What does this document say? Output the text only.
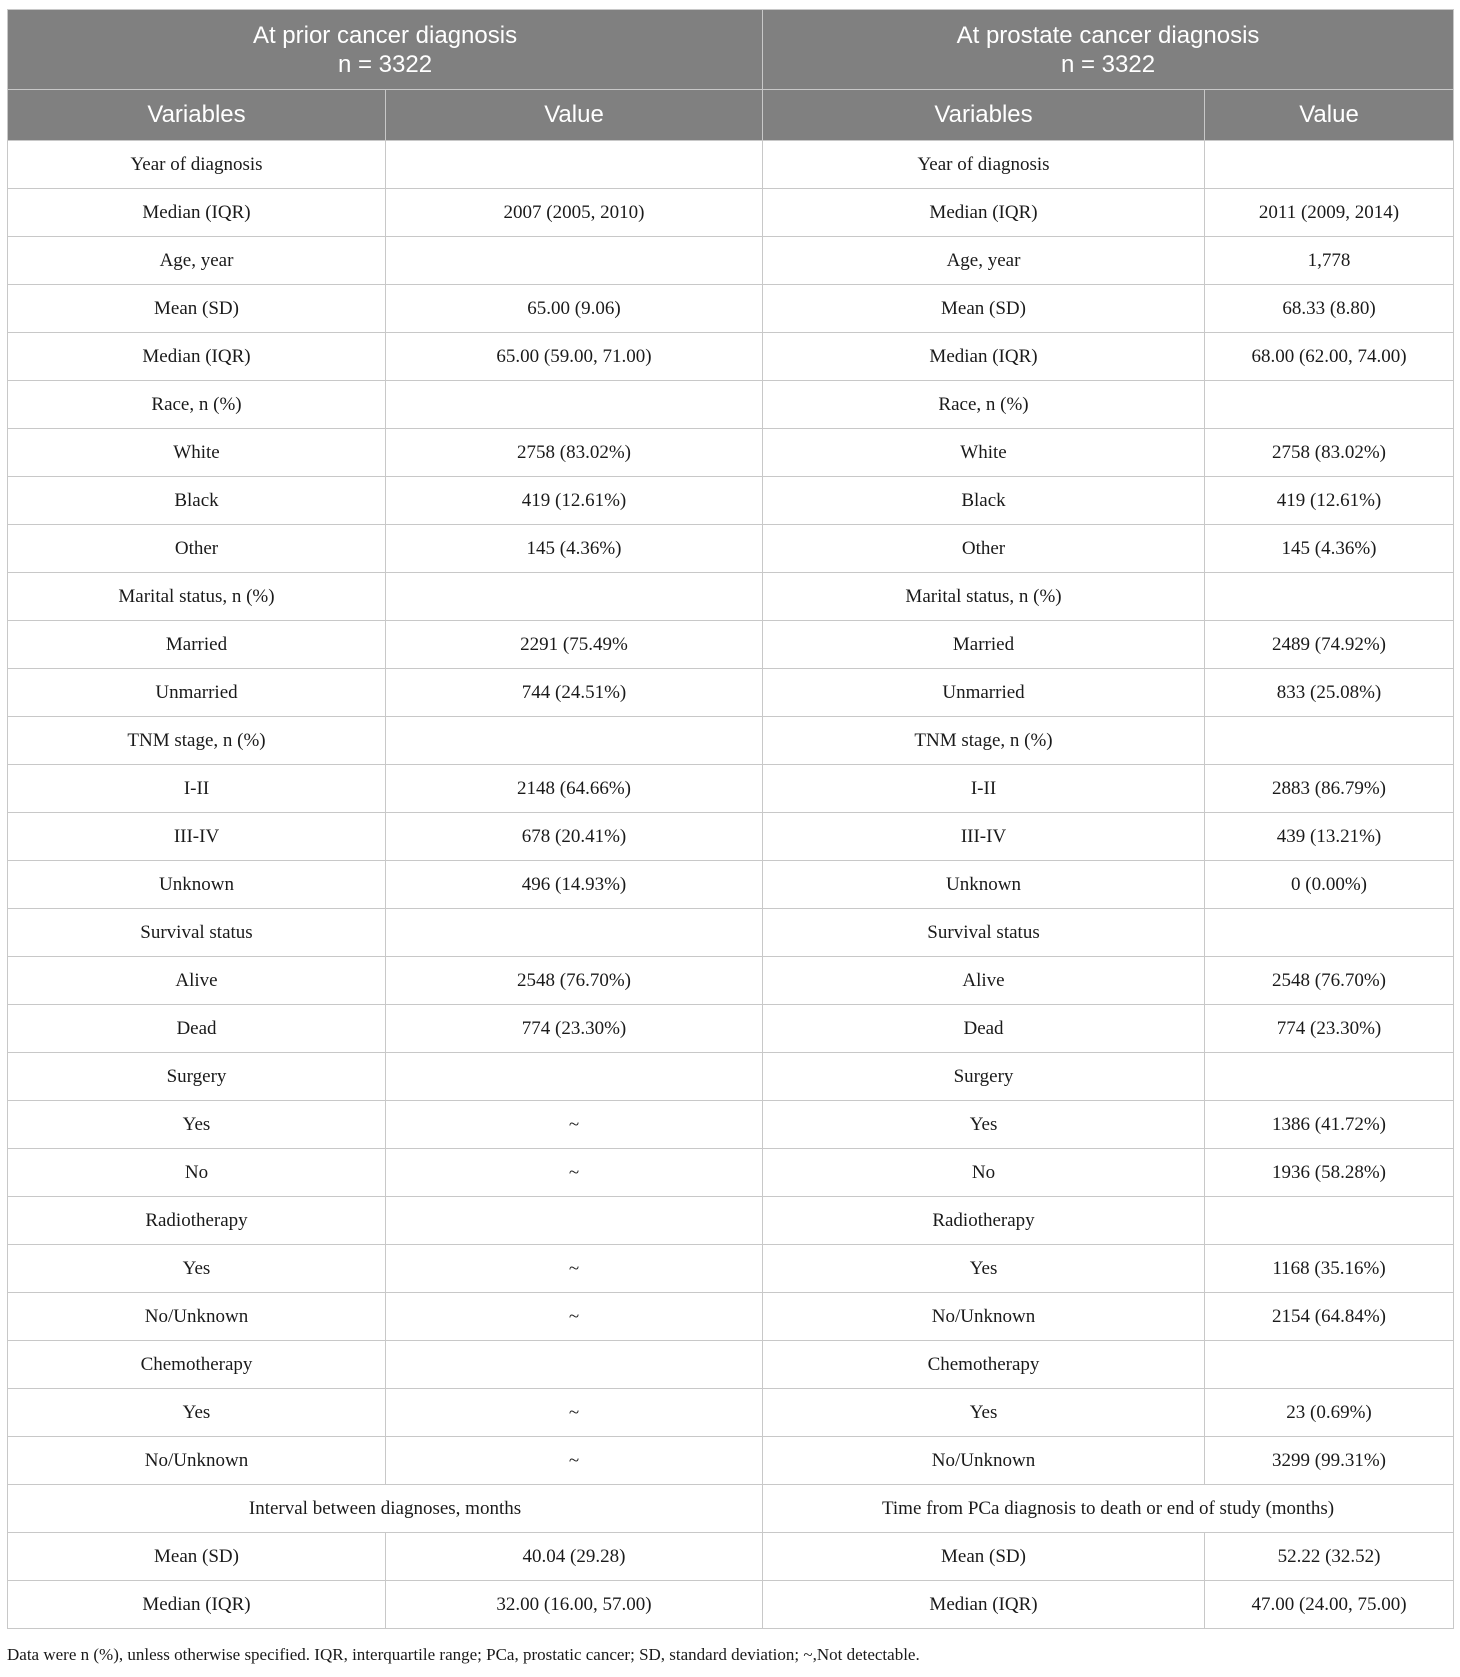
At prior cancer diagnosis
n = 3322		At prostate cancer diagnosis
n = 3322	

Variables	Value	Variables	Value
Year of diagnosis		Year of diagnosis	
Median (IQR)	2007 (2005, 2010)	Median (IQR)	2011 (2009, 2014)
Age, year		Age, year	1,778
Mean (SD)	65.00 (9.06)	Mean (SD)	68.33 (8.80)
Median (IQR)	65.00 (59.00, 71.00)	Median (IQR)	68.00 (62.00, 74.00)
Race, n (%)		Race, n (%)	
White	2758 (83.02%)	White	2758 (83.02%)
Black	419 (12.61%)	Black	419 (12.61%)
Other	145 (4.36%)	Other	145 (4.36%)
Marital status, n (%)		Marital status, n (%)	
Married	2291 (75.49%	Married	2489 (74.92%)
Unmarried	744 (24.51%)	Unmarried	833 (25.08%)
TNM stage, n (%)		TNM stage, n (%)	
I-II	2148 (64.66%)	I-II	2883 (86.79%)
III-IV	678 (20.41%)	III-IV	439 (13.21%)
Unknown	496 (14.93%)	Unknown	0 (0.00%)
Survival status		Survival status	
Alive	2548 (76.70%)	Alive	2548 (76.70%)
Dead	774 (23.30%)	Dead	774 (23.30%)
Surgery		Surgery	
Yes	~	Yes	1386 (41.72%)
No	~	No	1936 (58.28%)
Radiotherapy		Radiotherapy	
Yes	~	Yes	1168 (35.16%)
No/Unknown	~	No/Unknown	2154 (64.84%)
Chemotherapy		Chemotherapy	
Yes	~	Yes	23 (0.69%)
No/Unknown	~	No/Unknown	3299 (99.31%)
Interval between diagnoses, months		Time from PCa diagnosis to death or end of study (months)	
Mean (SD)	40.04 (29.28)	Mean (SD)	52.22 (32.52)
Median (IQR)	32.00 (16.00, 57.00)	Median (IQR)	47.00 (24.00, 75.00)
Data were n (%), unless otherwise specified. IQR, interquartile range; PCa, prostatic cancer; SD, standard deviation; ~,Not detectable.
